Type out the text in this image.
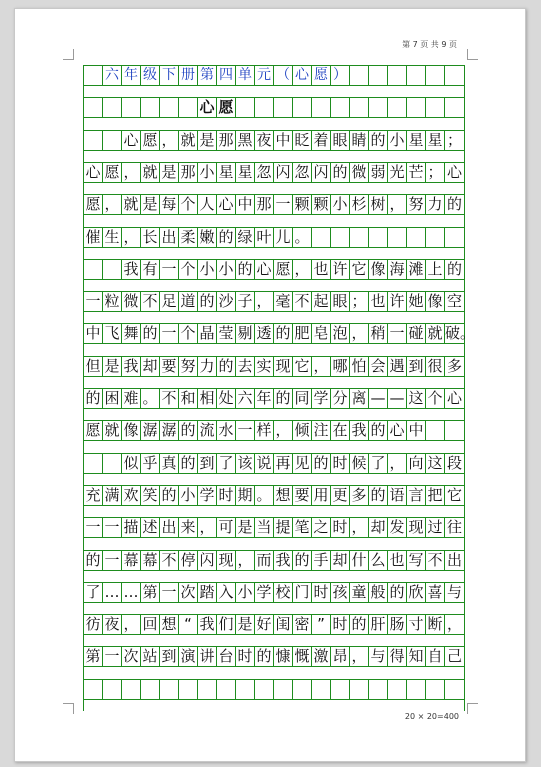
第 7 页 共 9 页
六 年 级 下 册 第 四 单 元 （ 心 愿 ）
心 愿
心 愿 ， 就 是 那 黑 夜 中 眨 着 眼 睛 的 小 星 星 ；
心 愿 ， 就 是 那 小 星 星 忽 闪 忽 闪 的 微 弱 光 芒 ； 心
愿 ， 就 是 每 个 人 心 中 那 一 颗 颗 小 杉 树 ， 努 力 的
催 生 ， 长 出 柔 嫩 的 绿 叶 儿 。
我 有 一 个 小 小 的 心 愿 ， 也 许 它 像 海 滩 上 的
一 粒 微 不 足 道 的 沙 子 ， 毫 不 起 眼 ； 也 许 她 像 空
中 飞 舞 的 一 个 晶 莹 剔 透 的 肥 皂 泡 ， 稍 一 碰 就 破。
但 是 我 却 要 努 力 的 去 实 现 它 ， 哪 怕 会 遇 到 很 多
的 困 难 。 不 和 相 处 六 年 的 同 学 分 离 — — 这 个 心
愿 就 像 潺 潺 的 流 水 一 样 ， 倾 注 在 我 的 心 中
似 乎 真 的 到 了 该 说 再 见 的 时 候 了 ， 向 这 段
充 满 欢 笑 的 小 学 时 期 。 想 要 用 更 多 的 语 言 把 它
一 一 描 述 出 来 ， 可 是 当 提 笔 之 时 ， 却 发 现 过 往
的 一 幕 幕 不 停 闪 现 ， 而 我 的 手 却 什 么 也 写 不 出
了 … … 第 一 次 踏 入 小 学 校 门 时 孩 童 般 的 欣 喜 与
彷 夜 ， 回 想 “ 我 们 是 好 闺 密 ” 时 的 肝 肠 寸 断 ，
第 一 次 站 到 演 讲 台 时 的 慷 慨 激 昂 ， 与 得 知 自 己
20 × 20=400
